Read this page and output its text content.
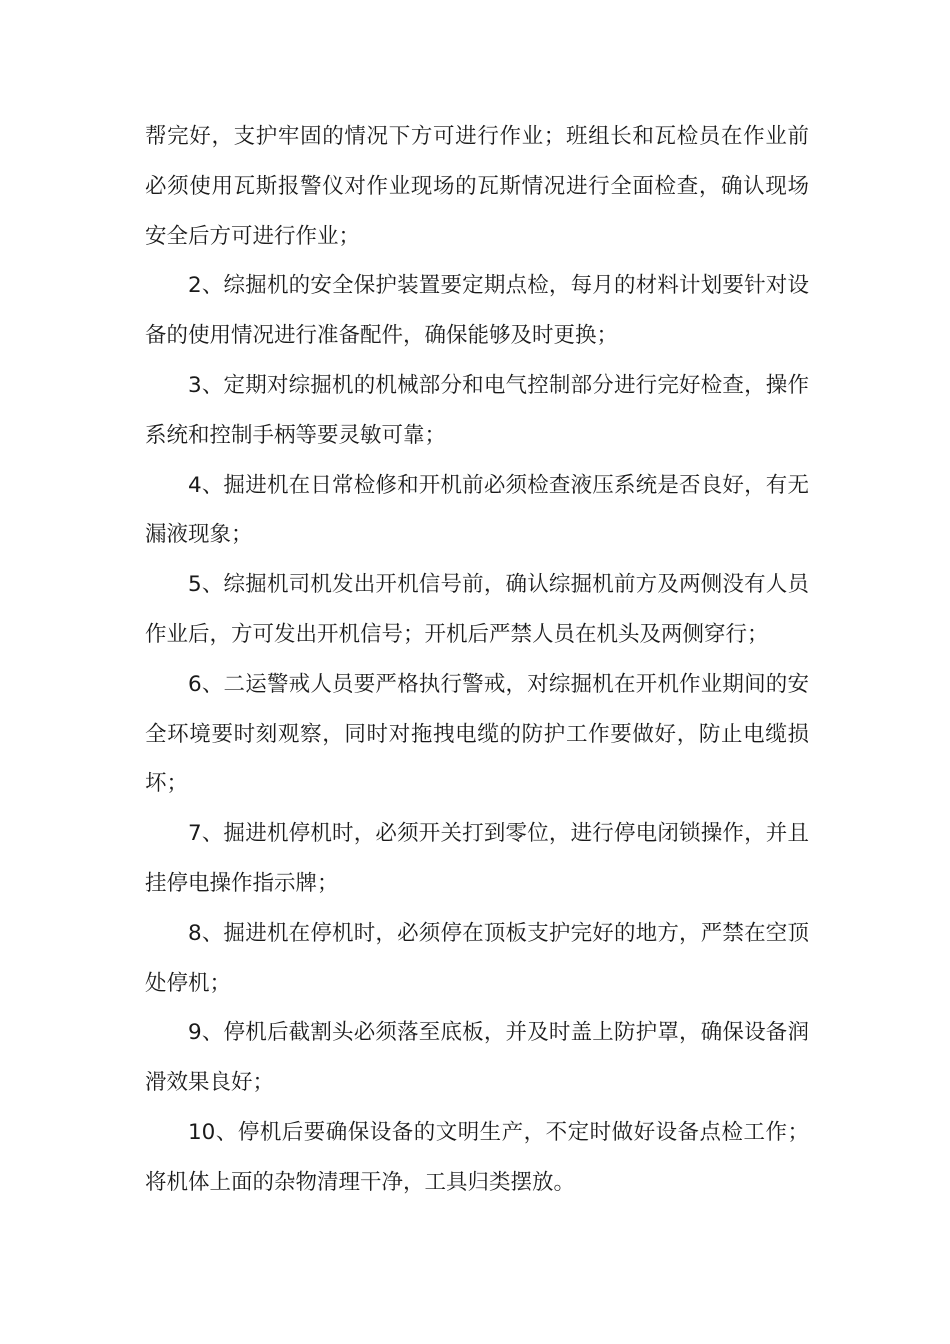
帮完好，支护牢固的情况下方可进行作业；班组长和瓦检员在作业前必须使用瓦斯报警仪对作业现场的瓦斯情况进行全面检查，确认现场安全后方可进行作业；

2、综掘机的安全保护装置要定期点检，每月的材料计划要针对设备的使用情况进行准备配件，确保能够及时更换；

3、定期对综掘机的机械部分和电气控制部分进行完好检查，操作系统和控制手柄等要灵敏可靠；

4、掘进机在日常检修和开机前必须检查液压系统是否良好，有无漏液现象；

5、综掘机司机发出开机信号前，确认综掘机前方及两侧没有人员作业后，方可发出开机信号；开机后严禁人员在机头及两侧穿行；

6、二运警戒人员要严格执行警戒，对综掘机在开机作业期间的安全环境要时刻观察，同时对拖拽电缆的防护工作要做好，防止电缆损坏；

7、掘进机停机时，必须开关打到零位，进行停电闭锁操作，并且挂停电操作指示牌；

8、掘进机在停机时，必须停在顶板支护完好的地方，严禁在空顶处停机；

9、停机后截割头必须落至底板，并及时盖上防护罩，确保设备润滑效果良好；

10、停机后要确保设备的文明生产，不定时做好设备点检工作；将机体上面的杂物清理干净，工具归类摆放。
